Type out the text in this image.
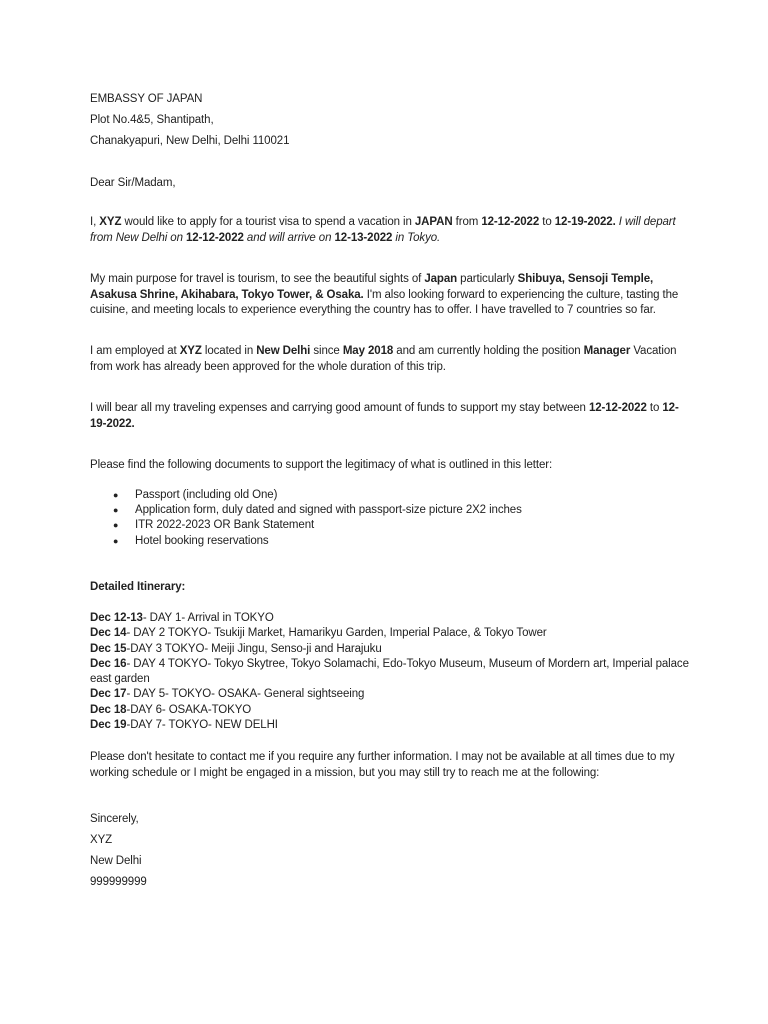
EMBASSY OF JAPAN
Plot No.4&5, Shantipath,
Chanakyapuri, New Delhi, Delhi 110021
Dear Sir/Madam,
I, XYZ would like to apply for a tourist visa to spend a vacation in JAPAN from 12-12-2022 to 12-19-2022. I will depart from New Delhi on 12-12-2022 and will arrive on 12-13-2022 in Tokyo.
My main purpose for travel is tourism, to see the beautiful sights of Japan particularly Shibuya, Sensoji Temple, Asakusa Shrine, Akihabara, Tokyo Tower, & Osaka. I'm also looking forward to experiencing the culture, tasting the cuisine, and meeting locals to experience everything the country has to offer. I have travelled to 7 countries so far.
I am employed at XYZ located in New Delhi since May 2018 and am currently holding the position Manager Vacation from work has already been approved for the whole duration of this trip.
I will bear all my traveling expenses and carrying good amount of funds to support my stay between 12-12-2022 to 12-19-2022.
Please find the following documents to support the legitimacy of what is outlined in this letter:
● Passport (including old One)
● Application form, duly dated and signed with passport-size picture 2X2 inches
● ITR 2022-2023 OR Bank Statement
● Hotel booking reservations
Detailed Itinerary:
Dec 12-13- DAY 1- Arrival in TOKYO
Dec 14- DAY 2 TOKYO- Tsukiji Market, Hamarikyu Garden, Imperial Palace, & Tokyo Tower
Dec 15-DAY 3 TOKYO- Meiji Jingu, Senso-ji and Harajuku
Dec 16- DAY 4 TOKYO- Tokyo Skytree, Tokyo Solamachi, Edo-Tokyo Museum, Museum of Mordern art, Imperial palace east garden
Dec 17- DAY 5- TOKYO- OSAKA- General sightseeing
Dec 18-DAY 6- OSAKA-TOKYO
Dec 19-DAY 7- TOKYO- NEW DELHI
Please don't hesitate to contact me if you require any further information. I may not be available at all times due to my working schedule or I might be engaged in a mission, but you may still try to reach me at the following:
Sincerely,
XYZ
New Delhi
999999999
